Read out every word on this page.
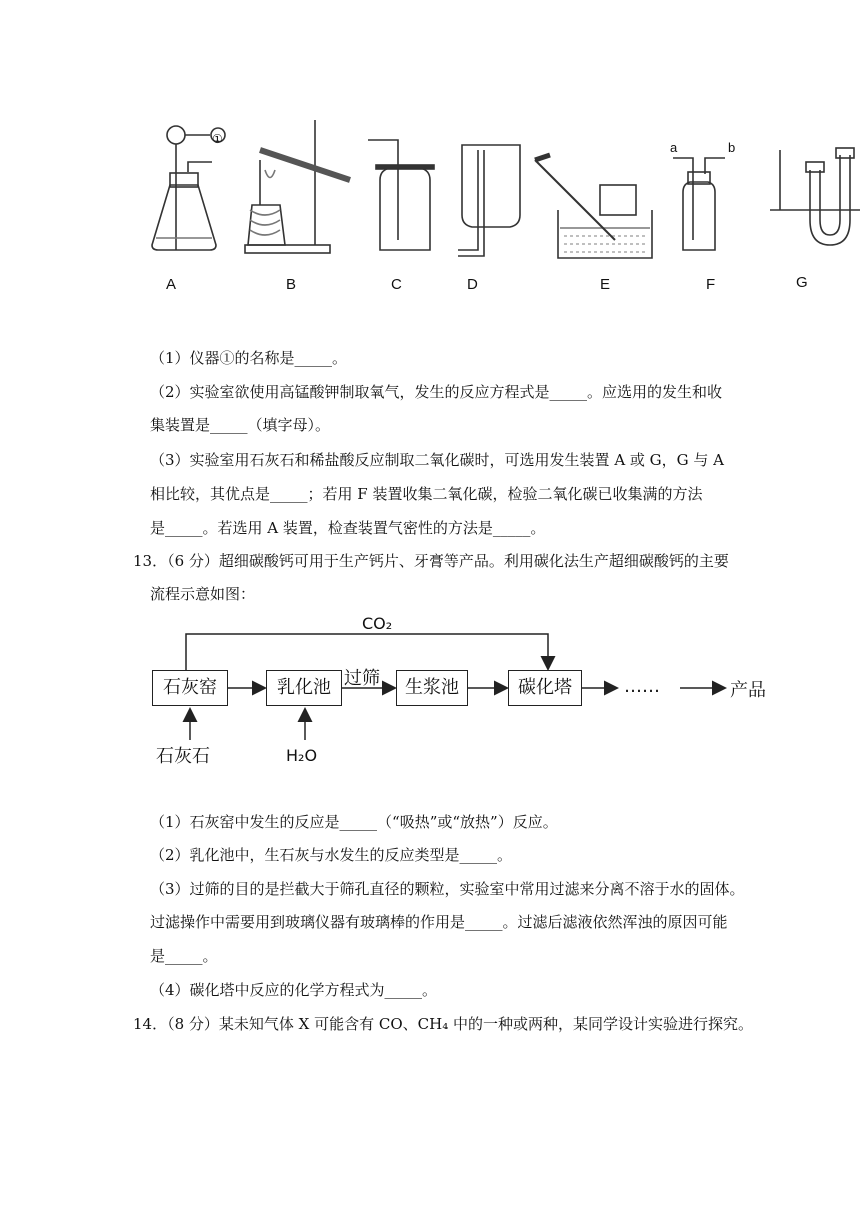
A	B	C	D	E	F	G
①
a	b
（1）仪器①的名称是_____。
（2）实验室欲使用高锰酸钾制取氧气，发生的反应方程式是_____。应选用的发生和收
集装置是_____（填字母）。
（3）实验室用石灰石和稀盐酸反应制取二氧化碳时，可选用发生装置 A 或 G，G 与 A
相比较，其优点是_____；若用 F 装置收集二氧化碳，检验二氧化碳已收集满的方法
是_____。若选用 A 装置，检查装置气密性的方法是_____。
13．（6 分）超细碳酸钙可用于生产钙片、牙膏等产品。利用碳化法生产超细碳酸钙的主要
流程示意如图：
CO₂
石灰窑	乳化池 过筛	生浆池	碳化塔	……	产品
石灰石	H₂O
（1）石灰窑中发生的反应是_____（“吸热”或“放热”）反应。
（2）乳化池中，生石灰与水发生的反应类型是_____。
（3）过筛的目的是拦截大于筛孔直径的颗粒，实验室中常用过滤来分离不溶于水的固体。
过滤操作中需要用到玻璃仪器有玻璃棒的作用是_____。过滤后滤液依然浑浊的原因可能
是_____。
（4）碳化塔中反应的化学方程式为_____。
14．（8 分）某未知气体 X 可能含有 CO、CH₄ 中的一种或两种，某同学设计实验进行探究。
